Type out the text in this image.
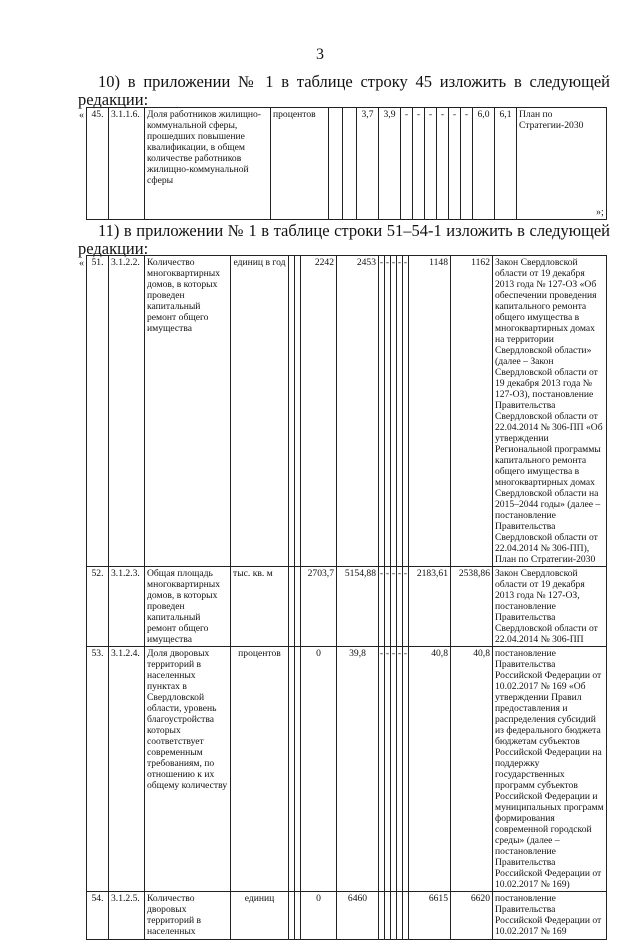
3
10) в приложении № 1 в таблице строку 45 изложить в следующей
редакции:
« 45.	3.1.1.6.	Доля работников жилищно-коммунальной сферы, прошедших повышение квалификации, в общем количестве работников жилищно-коммунальной сферы	процентов			3,7	3,9	-	-	-	-	-	-	6,0	6,1	План по Стратегии-2030
»;
11) в приложении № 1 в таблице строки 51–54-1 изложить в следующей
редакции:
« 51.	3.1.2.2.	Количество многоквартирных домов, в которых проведен капитальный ремонт общего имущества	единиц в год			2242	2453	-	-	-	-	-	1148	1162	Закон Свердловской области от 19 декабря 2013 года № 127-ОЗ «Об обеспечении проведения капитального ремонта общего имущества в многоквартирных домах на территории Свердловской области» (далее – Закон Свердловской области от 19 декабря 2013 года № 127-ОЗ), постановление Правительства Свердловской области от 22.04.2014 № 306-ПП «Об утверждении Региональной программы капитального ремонта общего имущества в многоквартирных домах Свердловской области на 2015–2044 годы» (далее – постановление Правительства Свердловской области от 22.04.2014 № 306-ПП), План по Стратегии-2030
52.	3.1.2.3.	Общая площадь многоквартирных домов, в которых проведен капитальный ремонт общего имущества	тыс. кв. м			2703,7	5154,88	-	-	-	-	-	2183,61	2538,86	Закон Свердловской области от 19 декабря 2013 года № 127-ОЗ, постановление Правительства Свердловской области от 22.04.2014 № 306-ПП
53.	3.1.2.4.	Доля дворовых территорий в населенных пунктах в Свердловской области, уровень благоустройства которых соответствует современным требованиям, по отношению к их общему количеству	процентов			0	39,8	-	-	-	-	-	40,8	40,8	постановление Правительства Российской Федерации от 10.02.2017 № 169 «Об утверждении Правил предоставления и распределения субсидий из федерального бюджета бюджетам субъектов Российской Федерации на поддержку государственных программ субъектов Российской Федерации и муниципальных программ формирования современной городской среды» (далее – постановление Правительства Российской Федерации от 10.02.2017 № 169)
54.	3.1.2.5.	Количество дворовых территорий в населенных	единиц			0	6460						6615	6620	постановление Правительства Российской Федерации от 10.02.2017 № 169
